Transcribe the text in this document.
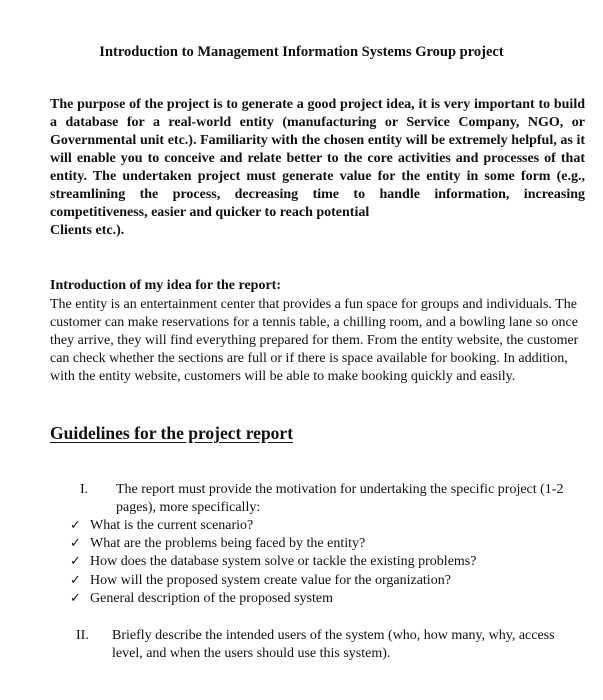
Introduction to Management Information Systems Group project
The purpose of the project is to generate a good project idea, it is very important to build a database for a real-world entity (manufacturing or Service Company, NGO, or Governmental unit etc.). Familiarity with the chosen entity will be extremely helpful, as it will enable you to conceive and relate better to the core activities and processes of that entity. The undertaken project must generate value for the entity in some form (e.g., streamlining the process, decreasing time to handle information, increasing competitiveness, easier and quicker to reach potential
Clients etc.).
Introduction of my idea for the report:
The entity is an entertainment center that provides a fun space for groups and individuals. The customer can make reservations for a tennis table, a chilling room, and a bowling lane so once they arrive, they will find everything prepared for them. From the entity website, the customer can check whether the sections are full or if there is space available for booking. In addition, with the entity website, customers will be able to make booking quickly and easily.
Guidelines for the project report
I.	The report must provide the motivation for undertaking the specific project (1-2 pages), more specifically:
✓ What is the current scenario?
✓ What are the problems being faced by the entity?
✓ How does the database system solve or tackle the existing problems?
✓ How will the proposed system create value for the organization?
✓ General description of the proposed system
II.	Briefly describe the intended users of the system (who, how many, why, access level, and when the users should use this system).
